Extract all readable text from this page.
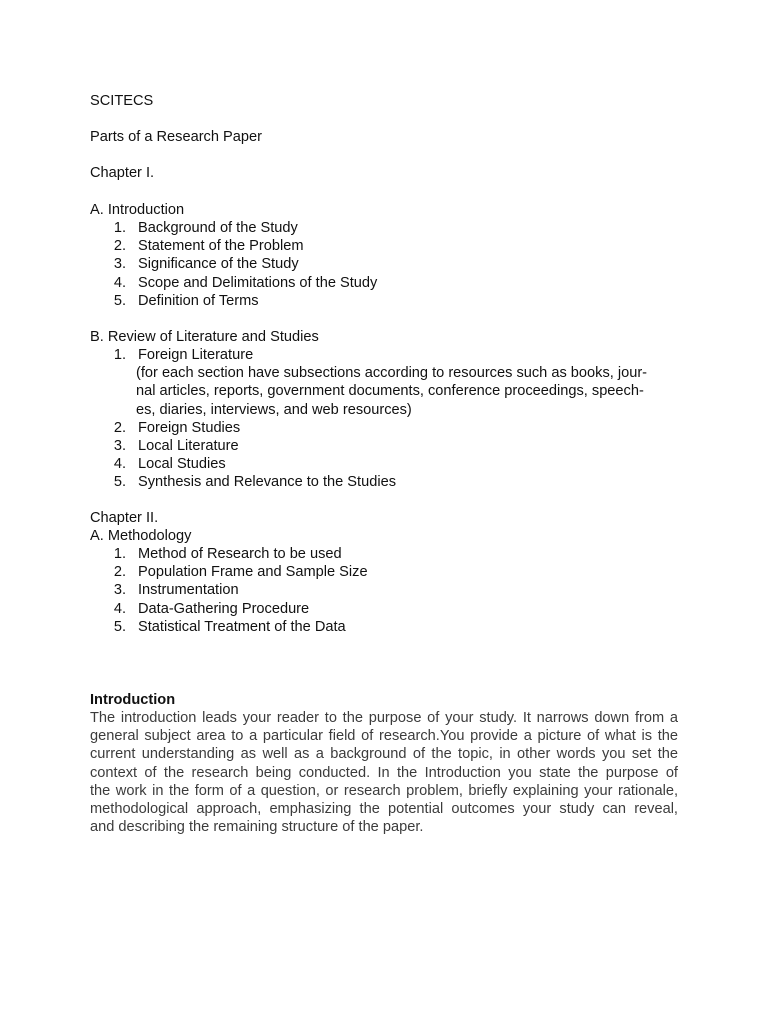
SCITECS
Parts of a Research Paper
Chapter I.
A. Introduction
1. Background of the Study
2. Statement of the Problem
3. Significance of the Study
4. Scope and Delimitations of the Study
5. Definition of Terms
B. Review of Literature and Studies
1. Foreign Literature
(for each section have subsections according to resources such as books, jour-
nal articles, reports, government documents, conference proceedings, speech-
es, diaries, interviews, and web resources)
2. Foreign Studies
3. Local Literature
4. Local Studies
5. Synthesis and Relevance to the Studies
Chapter II.
A. Methodology
1. Method of Research to be used
2. Population Frame and Sample Size
3. Instrumentation
4. Data-Gathering Procedure
5. Statistical Treatment of the Data
Introduction
The introduction leads your reader to the purpose of your study. It narrows down from a
general subject area to a particular field of research.You provide a picture of what is the
current understanding as well as a background of the topic, in other words you set the
context of the research being conducted. In the Introduction you state the purpose of
the work in the form of a question, or research problem, briefly explaining your rationale,
methodological approach, emphasizing the potential outcomes your study can reveal,
and describing the remaining structure of the paper.
